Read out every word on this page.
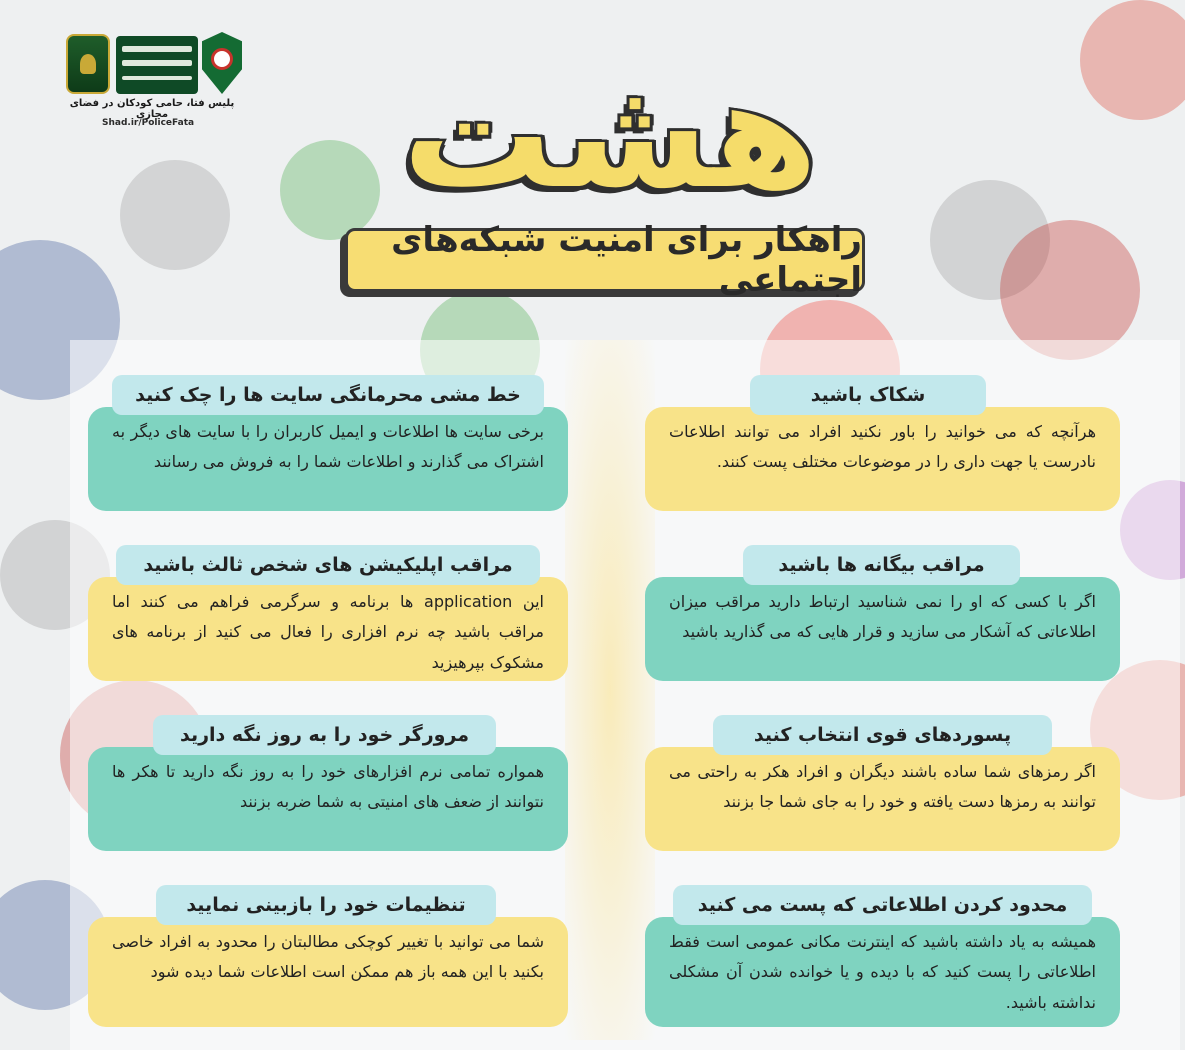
پلیس فتا، حامی کودکان در فضای مجازی
Shad.ir/PoliceFata	هشت
راهکار برای امنیت شبکه‌های اجتماعی
خط مشی محرمانگی سایت ها را چک کنید
برخی سایت ها اطلاعات و ایمیل کاربران را با سایت های دیگر به اشتراک می گذارند و اطلاعات شما را به فروش می رسانند
شکاک باشید
هرآنچه که می خوانید را باور نکنید افراد می توانند اطلاعات نادرست یا جهت داری را در موضوعات مختلف پست کنند.
مراقب اپلیکیشن های شخص ثالث باشید
این application ها برنامه و سرگرمی فراهم می کنند اما مراقب باشید چه نرم افزاری را فعال می کنید از برنامه های مشکوک بپرهیزید
مراقب بیگانه ها باشید
اگر با کسی که او را نمی شناسید ارتباط دارید مراقب میزان اطلاعاتی که آشکار می سازید و قرار هایی که می گذارید باشید
مرورگر خود را به روز نگه دارید
همواره تمامی نرم افزارهای خود را به روز نگه دارید تا هکر ها نتوانند از ضعف های امنیتی به شما ضربه بزنند
پسوردهای قوی انتخاب کنید
اگر رمزهای شما ساده باشند دیگران و افراد هکر به راحتی می توانند به رمزها دست یافته و خود را به جای شما جا بزنند
تنظیمات خود را بازبینی نمایید
شما می توانید با تغییر کوچکی مطالبتان را محدود به افراد خاصی بکنید با این همه باز هم ممکن است اطلاعات شما دیده شود
محدود کردن اطلاعاتی که پست می کنید
همیشه به یاد داشته باشید که اینترنت مکانی عمومی است فقط اطلاعاتی را پست کنید که با دیده و یا خوانده شدن آن مشکلی نداشته باشید.
